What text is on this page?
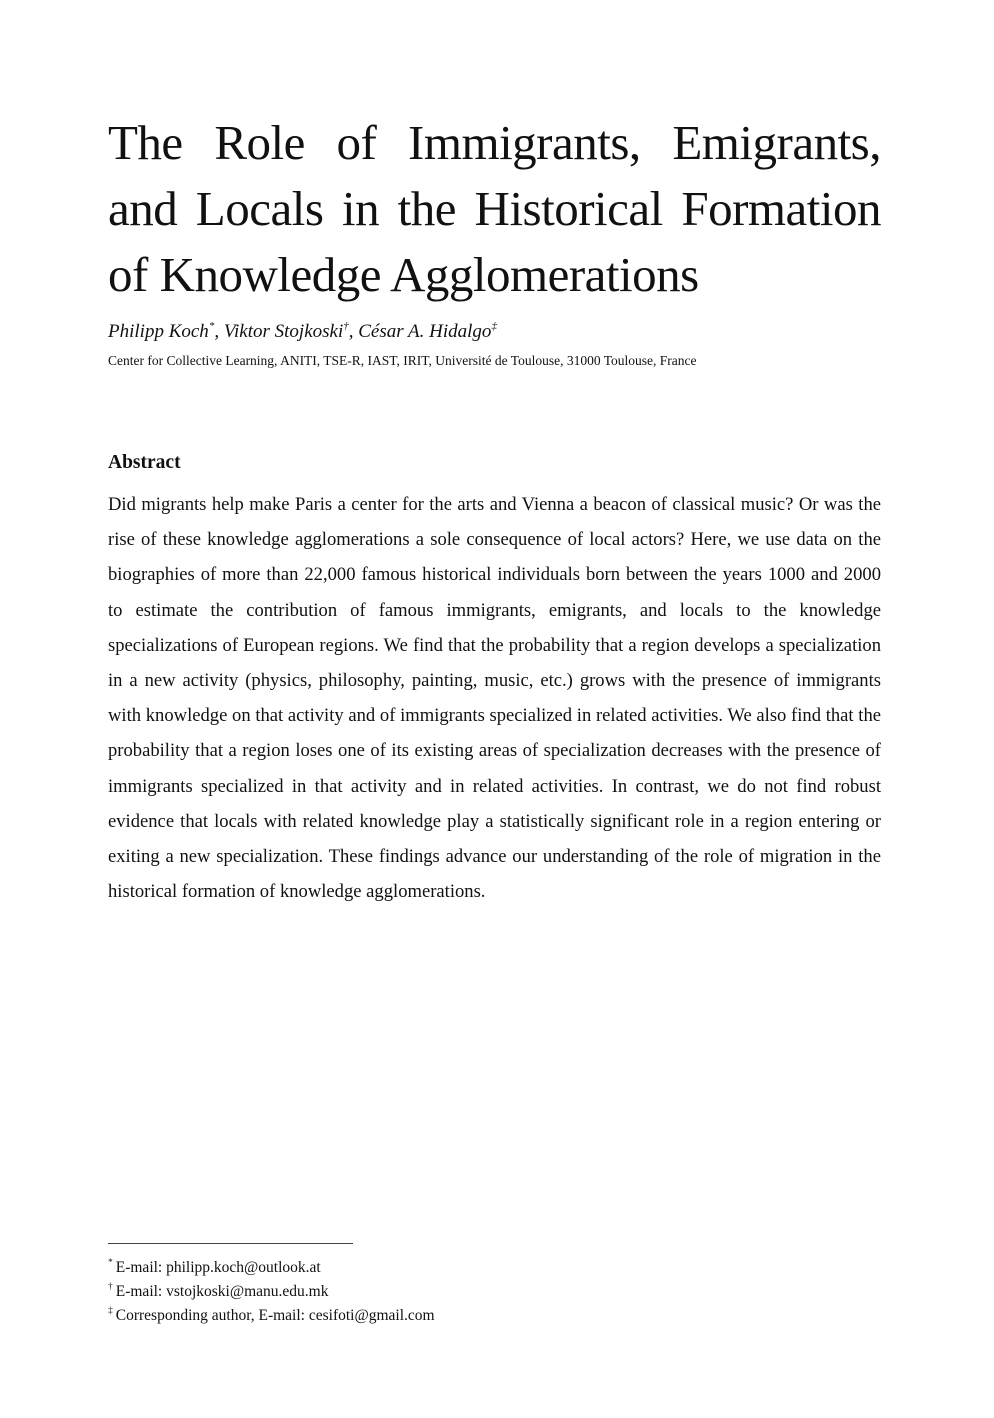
The Role of Immigrants, Emigrants, and Locals in the Historical Formation of Knowledge Agglomerations
Philipp Koch*, Viktor Stojkoski†, César A. Hidalgo‡
Center for Collective Learning, ANITI, TSE-R, IAST, IRIT, Université de Toulouse, 31000 Toulouse, France
Abstract

Did migrants help make Paris a center for the arts and Vienna a beacon of classical music? Or was the rise of these knowledge agglomerations a sole consequence of local actors? Here, we use data on the biographies of more than 22,000 famous historical individuals born between the years 1000 and 2000 to estimate the contribution of famous immigrants, emigrants, and locals to the knowledge specializations of European regions. We find that the probability that a region develops a specialization in a new activity (physics, philosophy, painting, music, etc.) grows with the presence of immigrants with knowledge on that activity and of immigrants specialized in related activities. We also find that the probability that a region loses one of its existing areas of specialization decreases with the presence of immigrants specialized in that activity and in related activities. In contrast, we do not find robust evidence that locals with related knowledge play a statistically significant role in a region entering or exiting a new specialization. These findings advance our understanding of the role of migration in the historical formation of knowledge agglomerations.

* E-mail: philipp.koch@outlook.at
† E-mail: vstojkoski@manu.edu.mk
‡ Corresponding author, E-mail: cesifoti@gmail.com
